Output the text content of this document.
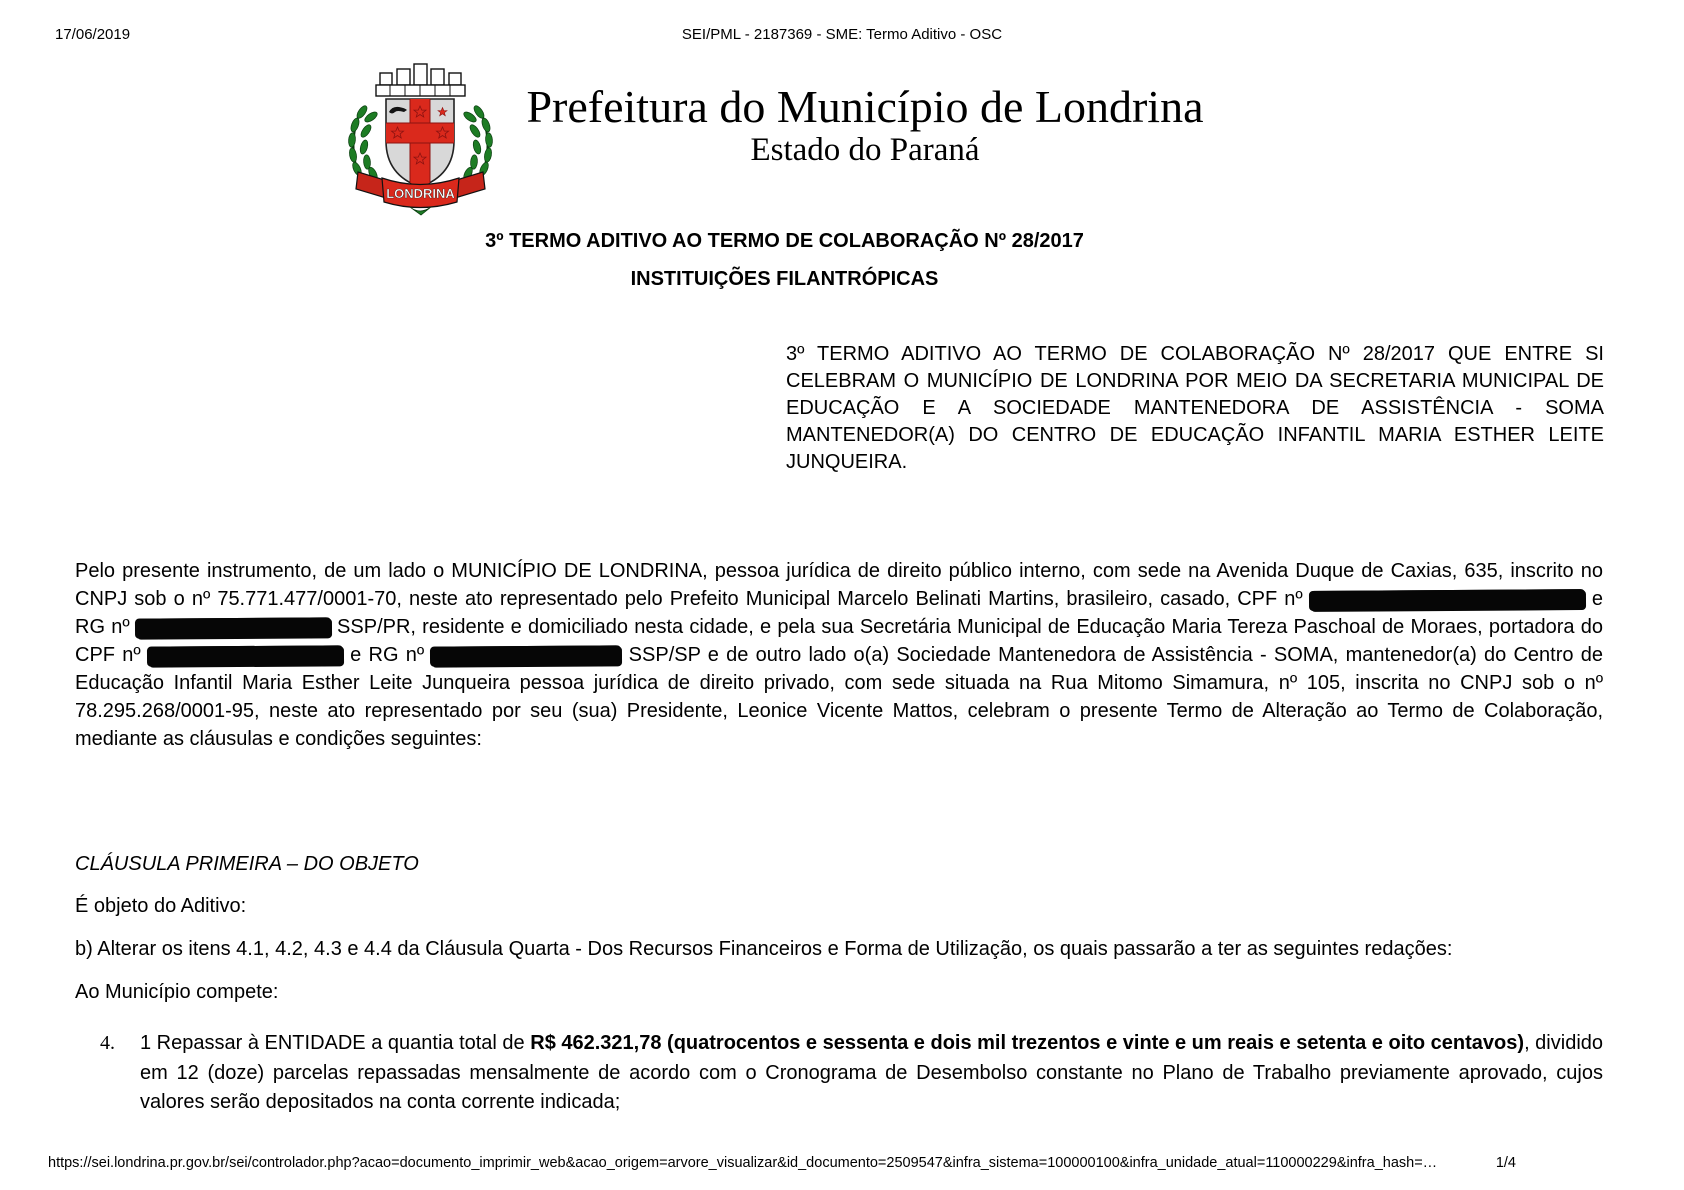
17/06/2019	SEI/PML - 2187369 - SME: Termo Aditivo - OSC
LONDRINA
Prefeitura do Município de Londrina
Estado do Paraná
3º TERMO ADITIVO AO TERMO DE COLABORAÇÃO Nº 28/2017
INSTITUIÇÕES FILANTRÓPICAS
3º TERMO ADITIVO AO TERMO DE COLABORAÇÃO Nº 28/2017 QUE ENTRE SI CELEBRAM O MUNICÍPIO DE LONDRINA POR MEIO DA SECRETARIA MUNICIPAL DE EDUCAÇÃO E A SOCIEDADE MANTENEDORA DE ASSISTÊNCIA - SOMA MANTENEDOR(A) DO CENTRO DE EDUCAÇÃO INFANTIL MARIA ESTHER LEITE JUNQUEIRA.
Pelo presente instrumento, de um lado o MUNICÍPIO DE LONDRINA, pessoa jurídica de direito público interno, com sede na Avenida Duque de Caxias, 635, inscrito no CNPJ sob o nº 75.771.477/0001-70, neste ato representado pelo Prefeito Municipal Marcelo Belinati Martins, brasileiro, casado, CPF nº	e RG nº	SSP/PR, residente e domiciliado nesta cidade, e pela sua Secretária Municipal de Educação Maria Tereza Paschoal de Moraes, portadora do CPF nº	e RG nº	SSP/SP e de outro lado o(a) Sociedade Mantenedora de Assistência - SOMA, mantenedor(a) do Centro de Educação Infantil Maria Esther Leite Junqueira pessoa jurídica de direito privado, com sede situada na Rua Mitomo Simamura, nº 105, inscrita no CNPJ sob o nº 78.295.268/0001-95, neste ato representado por seu (sua) Presidente, Leonice Vicente Mattos, celebram o presente Termo de Alteração ao Termo de Colaboração, mediante as cláusulas e condições seguintes:
CLÁUSULA PRIMEIRA – DO OBJETO
É objeto do Aditivo:
b) Alterar os itens 4.1, 4.2, 4.3 e 4.4 da Cláusula Quarta - Dos Recursos Financeiros e Forma de Utilização, os quais passarão a ter as seguintes redações:
Ao Município compete:
4. 1 Repassar à ENTIDADE a quantia total de R$ 462.321,78 (quatrocentos e sessenta e dois mil trezentos e vinte e um reais e setenta e oito centavos), dividido em 12 (doze) parcelas repassadas mensalmente de acordo com o Cronograma de Desembolso constante no Plano de Trabalho previamente aprovado, cujos valores serão depositados na conta corrente indicada;
https://sei.londrina.pr.gov.br/sei/controlador.php?acao=documento_imprimir_web&acao_origem=arvore_visualizar&id_documento=2509547&infra_sistema=100000100&infra_unidade_atual=110000229&infra_hash=…	1/4
